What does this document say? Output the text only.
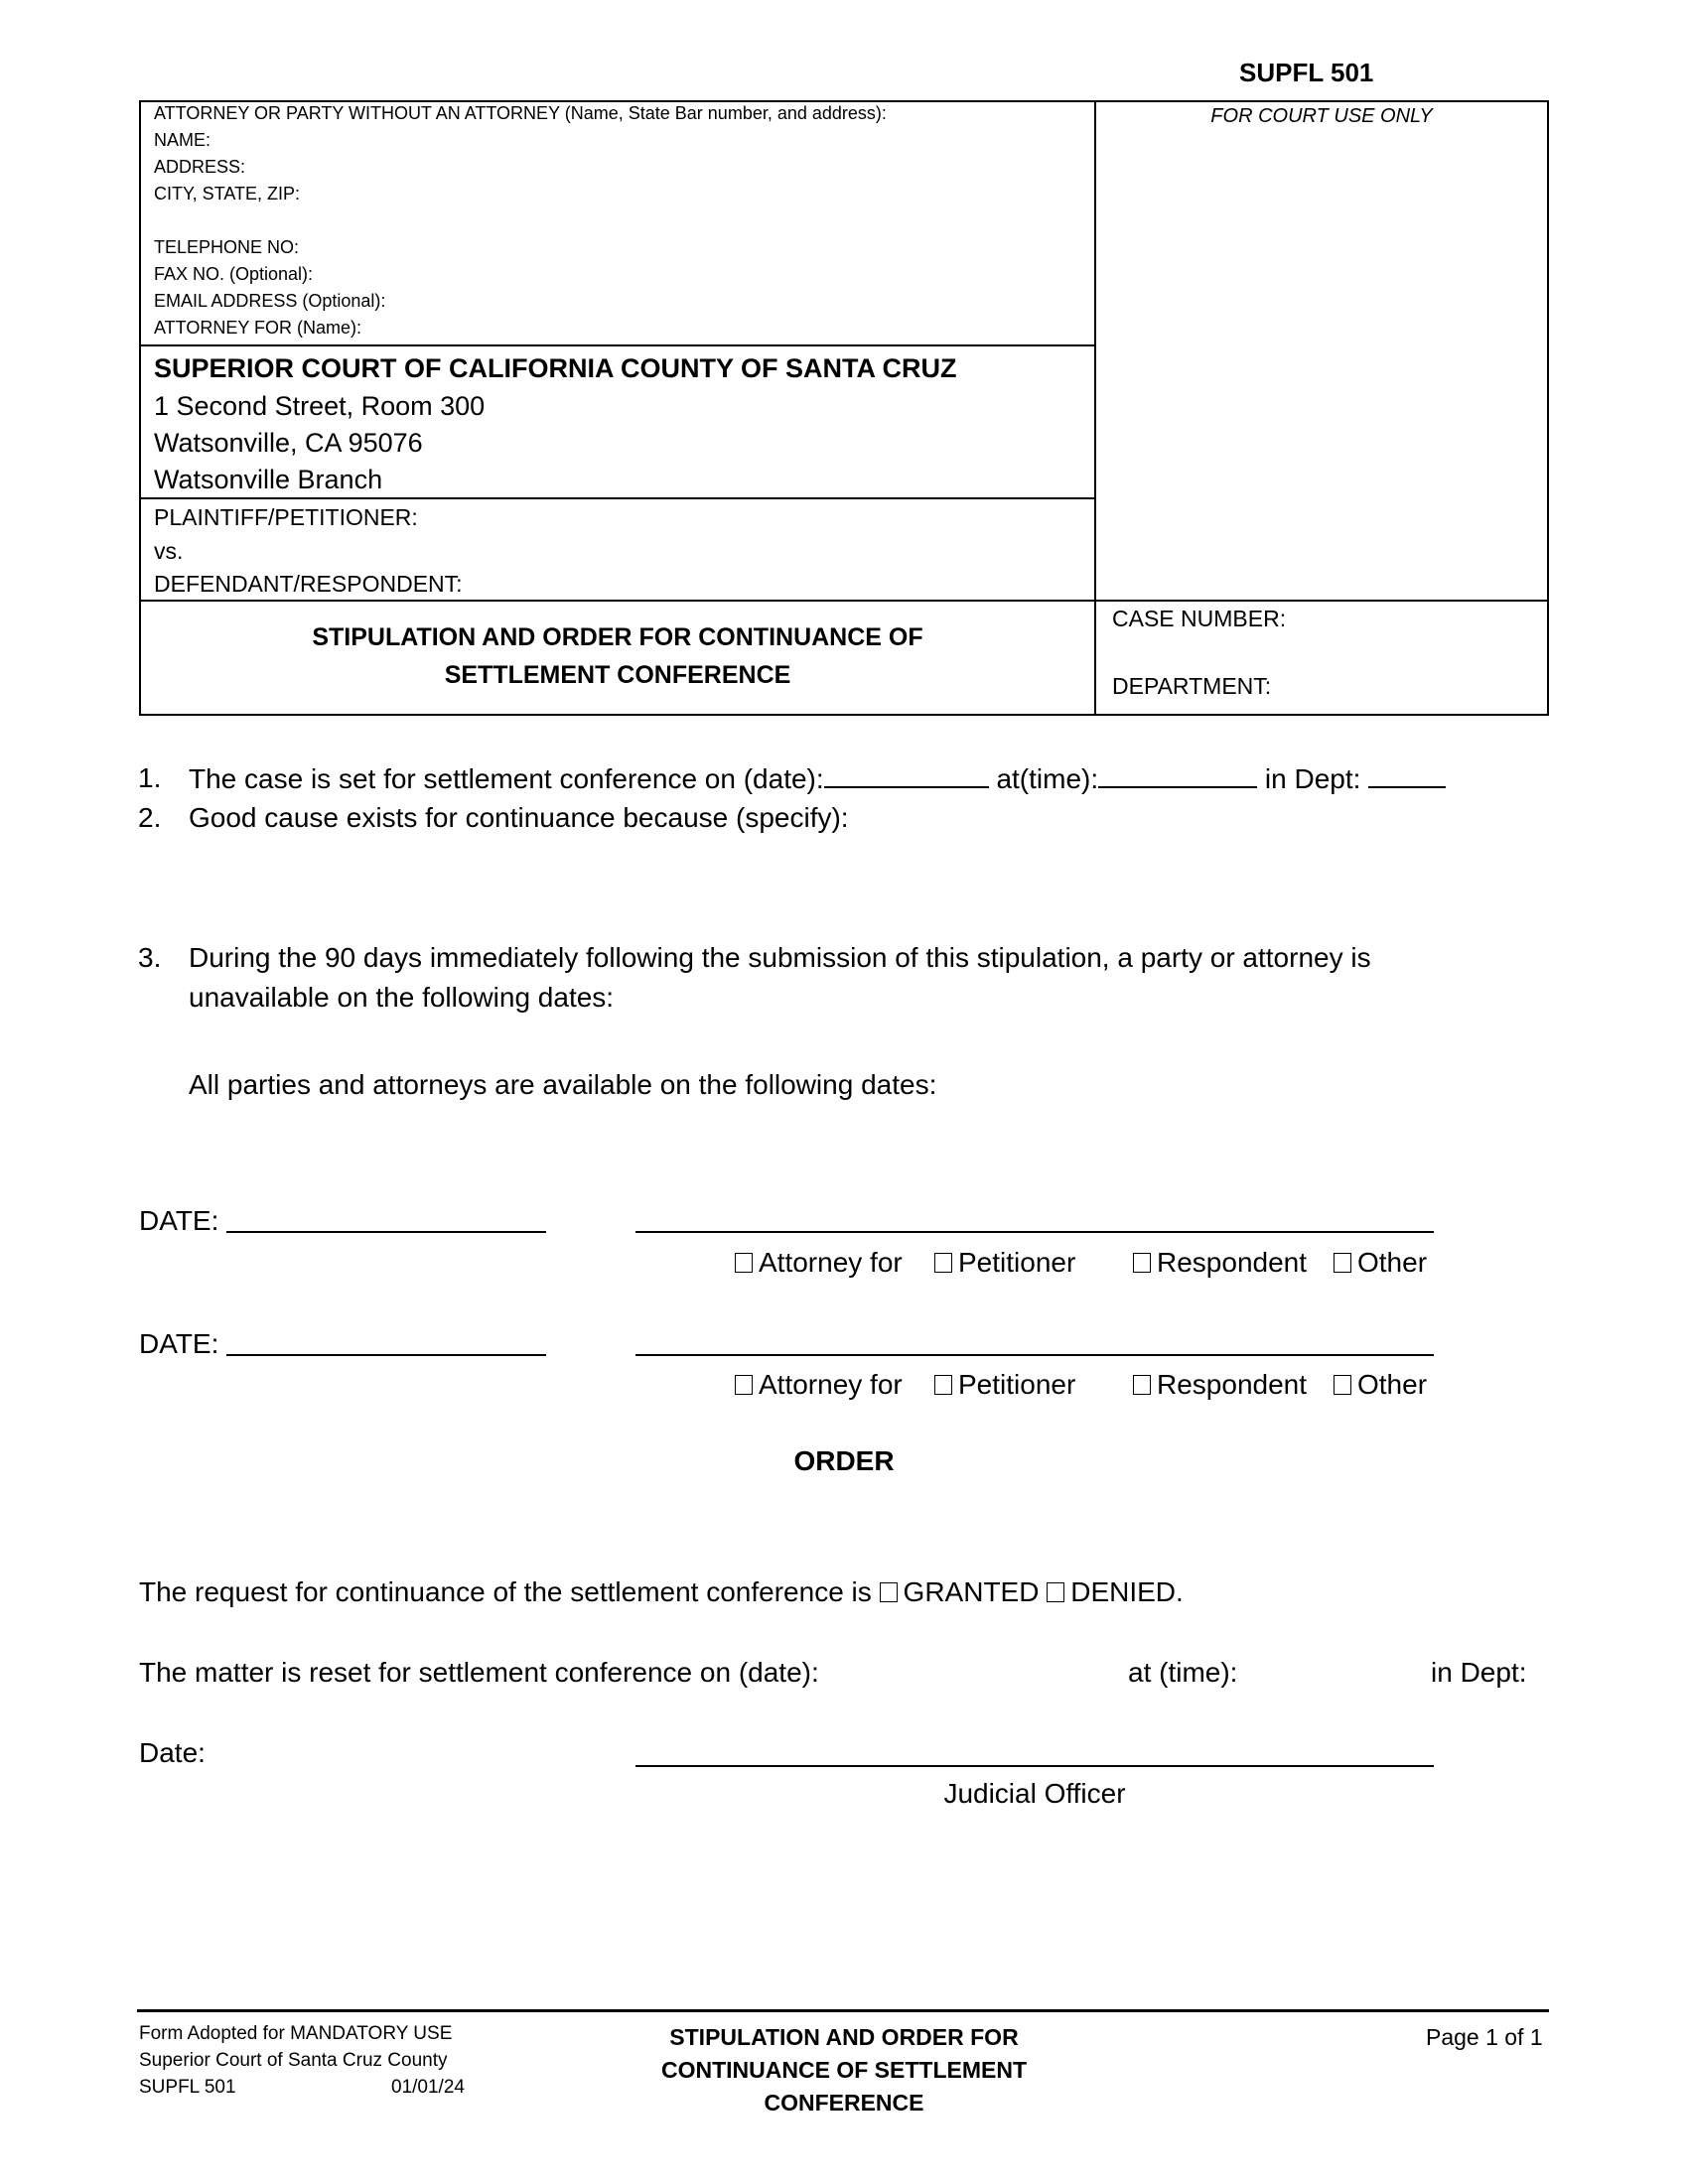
SUPFL 501
ATTORNEY OR PARTY WITHOUT AN ATTORNEY (Name, State Bar number, and address):
NAME:
ADDRESS:
CITY, STATE, ZIP:
TELEPHONE NO:
FAX NO. (Optional):
EMAIL ADDRESS (Optional):
ATTORNEY FOR (Name):
FOR COURT USE ONLY
SUPERIOR COURT OF CALIFORNIA COUNTY OF SANTA CRUZ
1 Second Street, Room 300
Watsonville, CA 95076
Watsonville Branch
PLAINTIFF/PETITIONER:
vs.
DEFENDANT/RESPONDENT:
STIPULATION AND ORDER FOR CONTINUANCE OF
SETTLEMENT CONFERENCE
CASE NUMBER:
DEPARTMENT:
1. The case is set for settlement conference on (date):	at(time):	in Dept:
2. Good cause exists for continuance because (specify):
3. During the 90 days immediately following the submission of this stipulation, a party or attorney is
unavailable on the following dates:
All parties and attorneys are available on the following dates:
DATE:
Attorney for	Petitioner	Respondent	Other
DATE:
Attorney for	Petitioner	Respondent	Other
ORDER
The request for continuance of the settlement conference is GRANTED DENIED.
The matter is reset for settlement conference on (date):	at (time):	in Dept:
Date:
Judicial Officer
Form Adopted for MANDATORY USE
Superior Court of Santa Cruz County
SUPFL 501	01/01/24
STIPULATION AND ORDER FOR
CONTINUANCE OF SETTLEMENT
CONFERENCE
Page 1 of 1
